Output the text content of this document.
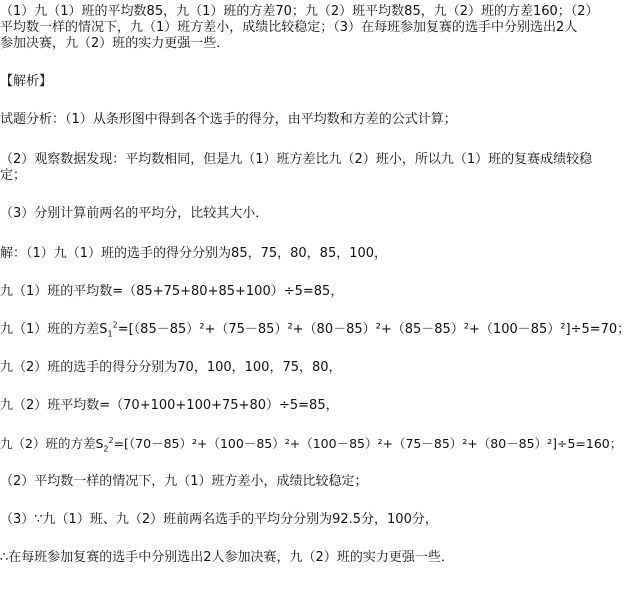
（1）九（1）班的平均数85，九（1）班的方差70；九（2）班平均数85，九（2）班的方差160；（2）
平均数一样的情况下，九（1）班方差小，成绩比较稳定；（3）在每班参加复赛的选手中分别选出2人
参加决赛，九（2）班的实力更强一些．
【解析】
试题分析：（1）从条形图中得到各个选手的得分，由平均数和方差的公式计算；
（2）观察数据发现：平均数相同，但是九（1）班方差比九（2）班小，所以九（1）班的复赛成绩较稳
定；
（3）分别计算前两名的平均分，比较其大小．
解：（1）九（1）班的选手的得分分别为85，75，80，85，100，
九（1）班的平均数=（85+75+80+85+100）÷5=85，
九（1）班的方差$S_1^2=[(85-85)^2+(75-85)^2+(80-85)^2+(85-85)^2+(100-85)^2]\div 5=70$；
九（2）班的选手的得分分别为70，100，100，75，80，
九（2）班平均数=（70+100+100+75+80）÷5=85，
九（2）班的方差$S_2^2=[(70-85)^2+(100-85)^2+(100-85)^2+(75-85)^2+(80-85)^2]\div 5=160$；
（2）平均数一样的情况下，九（1）班方差小，成绩比较稳定；
（3）∵九（1）班、九（2）班前两名选手的平均分分别为92.5分，100分，
∴在每班参加复赛的选手中分别选出2人参加决赛，九（2）班的实力更强一些．
